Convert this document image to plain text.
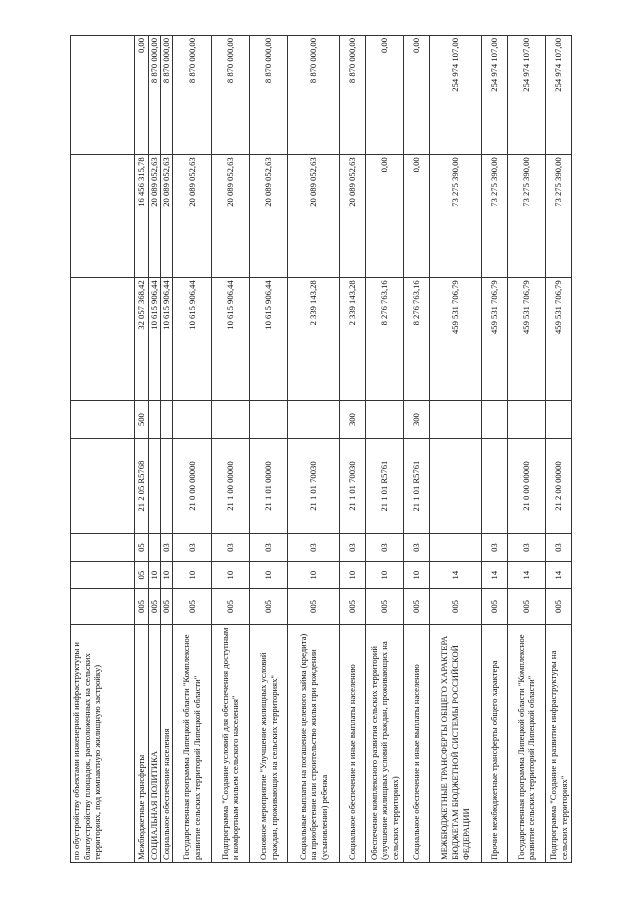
по обустройству объектами инженерной инфраструктуры и благоустройству площадок, расположенных на сельских территориях, под компактную жилищную застройку)								
Межбюджетные трансферты	005	05	05	21 2 05 R5768	500	32 057 368,42	16 456 315,78	0,00
СОЦИАЛЬНАЯ ПОЛИТИКА	005	10				10 615 906,44	20 089 052,63	8 870 000,00
Социальное обеспечение населения	005	10	03			10 615 906,44	20 089 052,63	8 870 000,00
Государственная программа Липецкой области "Комплексное развитие сельских территорий Липецкой области"	005	10	03	21 0 00 00000		10 615 906,44	20 089 052,63	8 870 000,00
Подпрограмма "Создание условий для обеспечения доступным и комфортным жильем сельского населения"	005	10	03	21 1 00 00000		10 615 906,44	20 089 052,63	8 870 000,00
Основное мероприятие "Улучшение жилищных условий граждан, проживающих на сельских территориях"	005	10	03	21 1 01 00000		10 615 906,44	20 089 052,63	8 870 000,00
Социальные выплаты на погашение целевого займа (кредита) на приобретение или строительство жилья при рождении (усыновлении) ребенка	005	10	03	21 1 01 70030		2 339 143,28	20 089 052,63	8 870 000,00
Социальное обеспечение и иные выплаты населению	005	10	03	21 1 01 70030	300	2 339 143,28	20 089 052,63	8 870 000,00
Обеспечение комплексного развития сельских территорий (улучшение жилищных условий граждан, проживающих на сельских территориях)	005	10	03	21 1 01 R5761		8 276 763,16	0,00	0,00
Социальное обеспечение и иные выплаты населению	005	10	03	21 1 01 R5761	300	8 276 763,16	0,00	0,00
МЕЖБЮДЖЕТНЫЕ ТРАНСФЕРТЫ ОБЩЕГО ХАРАКТЕРА БЮДЖЕТАМ БЮДЖЕТНОЙ СИСТЕМЫ РОССИЙСКОЙ ФЕДЕРАЦИИ	005	14				459 531 706,79	73 275 390,00	254 974 107,00
Прочие межбюджетные трансферты общего характера	005	14	03			459 531 706,79	73 275 390,00	254 974 107,00
Государственная программа Липецкой области "Комплексное развитие сельских территорий Липецкой области"	005	14	03	21 0 00 00000		459 531 706,79	73 275 390,00	254 974 107,00
Подпрограмма "Создание и развитие инфраструктуры на сельских территориях"	005	14	03	21 2 00 00000		459 531 706,79	73 275 390,00	254 974 107,00
